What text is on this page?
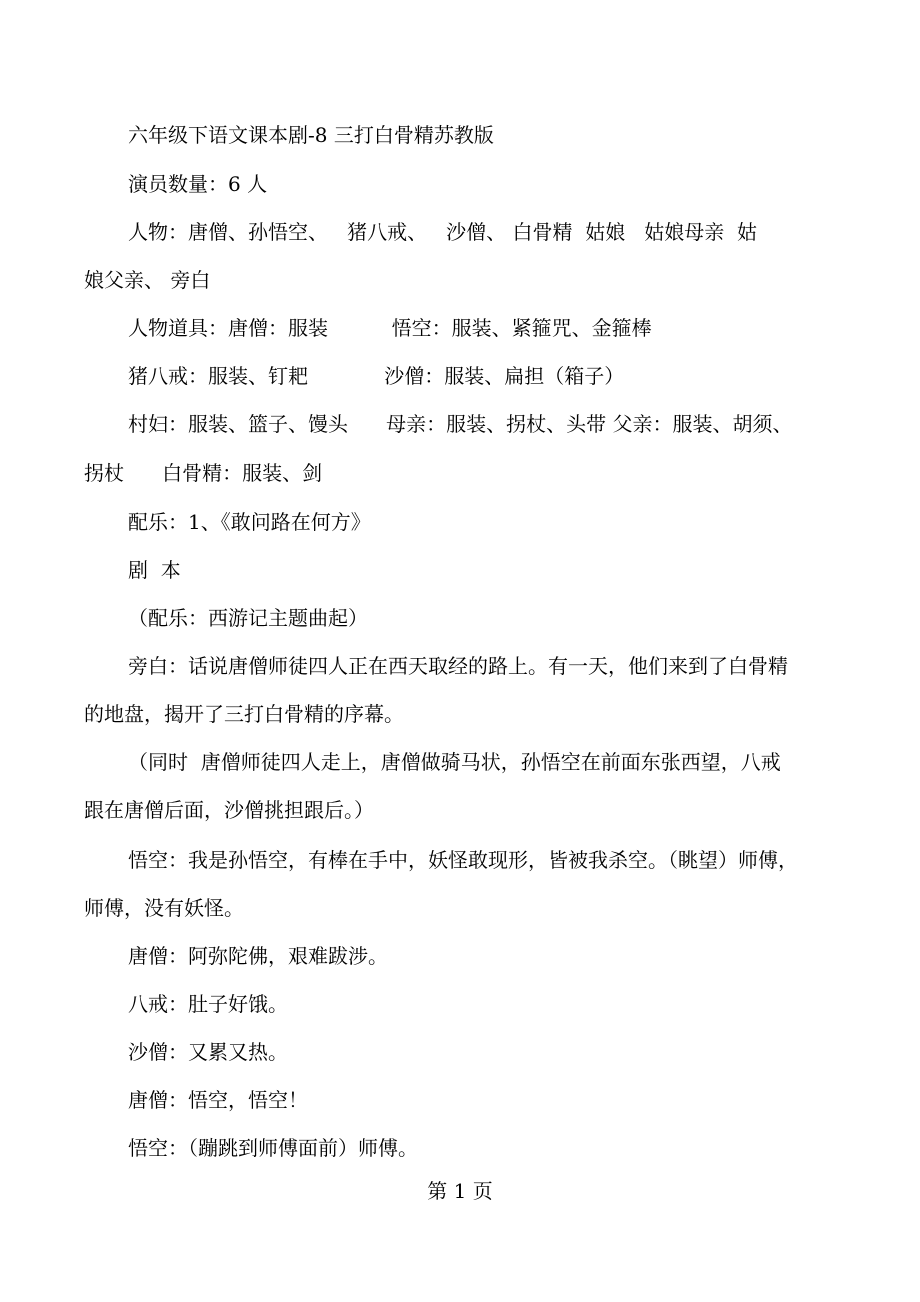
六年级下语文课本剧-8 三打白骨精苏教版
演员数量：6 人
人物：唐僧、孙悟空、   猪八戒、   沙僧、 白骨精  姑娘   姑娘母亲  姑
娘父亲、 旁白
人物道具：唐僧：服装          悟空：服装、紧箍咒、金箍棒
猪八戒：服装、钉耙            沙僧：服装、扁担（箱子）
村妇：服装、篮子、馒头      母亲：服装、拐杖、头带 父亲：服装、胡须、
拐杖      白骨精：服装、剑
配乐：1、《敢问路在何方》
剧  本
（配乐：西游记主题曲起）
旁白：话说唐僧师徒四人正在西天取经的路上。有一天，他们来到了白骨精
的地盘，揭开了三打白骨精的序幕。
（同时  唐僧师徒四人走上，唐僧做骑马状，孙悟空在前面东张西望，八戒
跟在唐僧后面，沙僧挑担跟后。）
悟空：我是孙悟空，有棒在手中，妖怪敢现形，皆被我杀空。（眺望）师傅，
师傅，没有妖怪。
唐僧：阿弥陀佛，艰难跋涉。
八戒：肚子好饿。
沙僧：又累又热。
唐僧：悟空，悟空！
悟空：（蹦跳到师傅面前）师傅。
第 1 页
